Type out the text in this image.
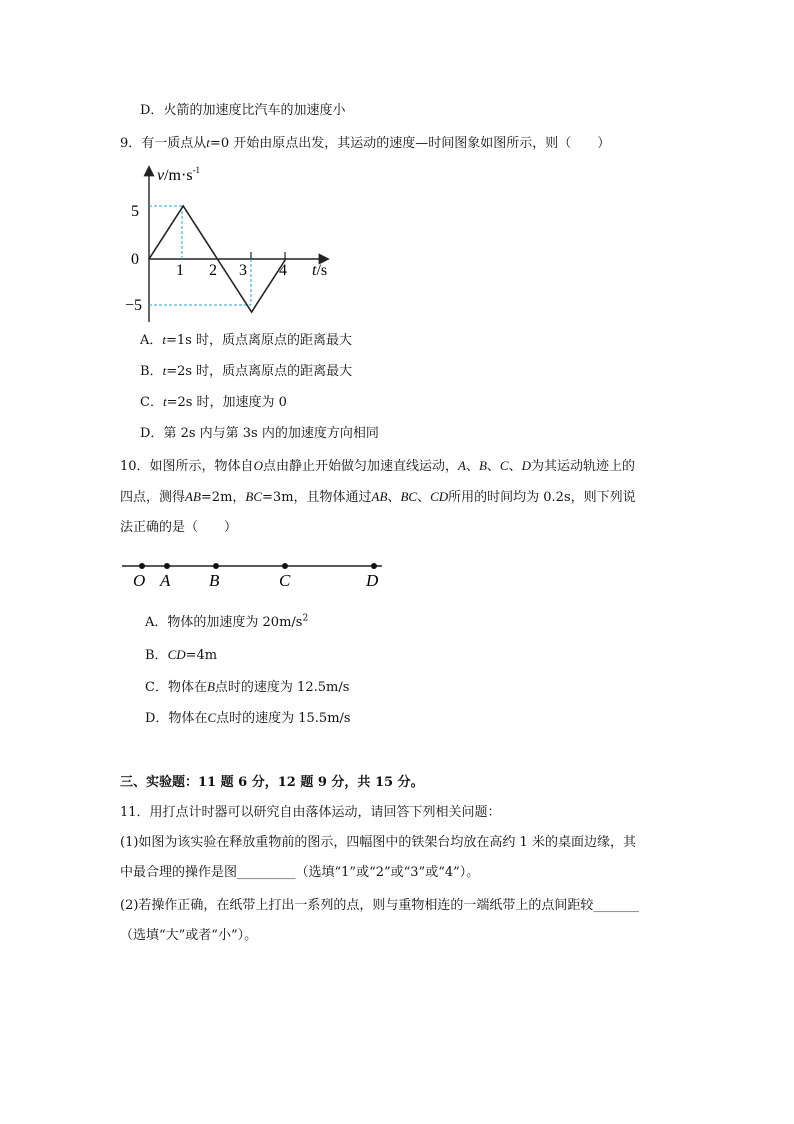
D．火箭的加速度比汽车的加速度小
9．有一质点从t=0 开始由原点出发，其运动的速度—时间图象如图所示，则（　　）
$v/m\cdot s^{-1}$
t/s
5
0
−5
1 2 3 4
A．t=1s 时，质点离原点的距离最大
B．t=2s 时，质点离原点的距离最大
C．t=2s 时，加速度为 0
D．第 2s 内与第 3s 内的加速度方向相同
10．如图所示，物体自O点由静止开始做匀加速直线运动，A、B、C、D为其运动轨迹上的
四点，测得AB=2m，BC=3m，且物体通过AB、BC、CD所用的时间均为 0.2s，则下列说
法正确的是（　　）
O A B	C	D
A．物体的加速度为 $20m/s^2$
B．CD=4m
C．物体在B点时的速度为 12.5m/s
D．物体在C点时的速度为 15.5m/s
三、实验题：11 题 6 分，12 题 9 分，共 15 分。
11．用打点计时器可以研究自由落体运动，请回答下列相关问题：
(1)如图为该实验在释放重物前的图示，四幅图中的铁架台均放在高约 1 米的桌面边缘，其
中最合理的操作是图_________（选填“1”或“2”或“3”或“4”）。
(2)若操作正确，在纸带上打出一系列的点，则与重物相连的一端纸带上的点间距较_______
（选填“大”或者“小”）。
